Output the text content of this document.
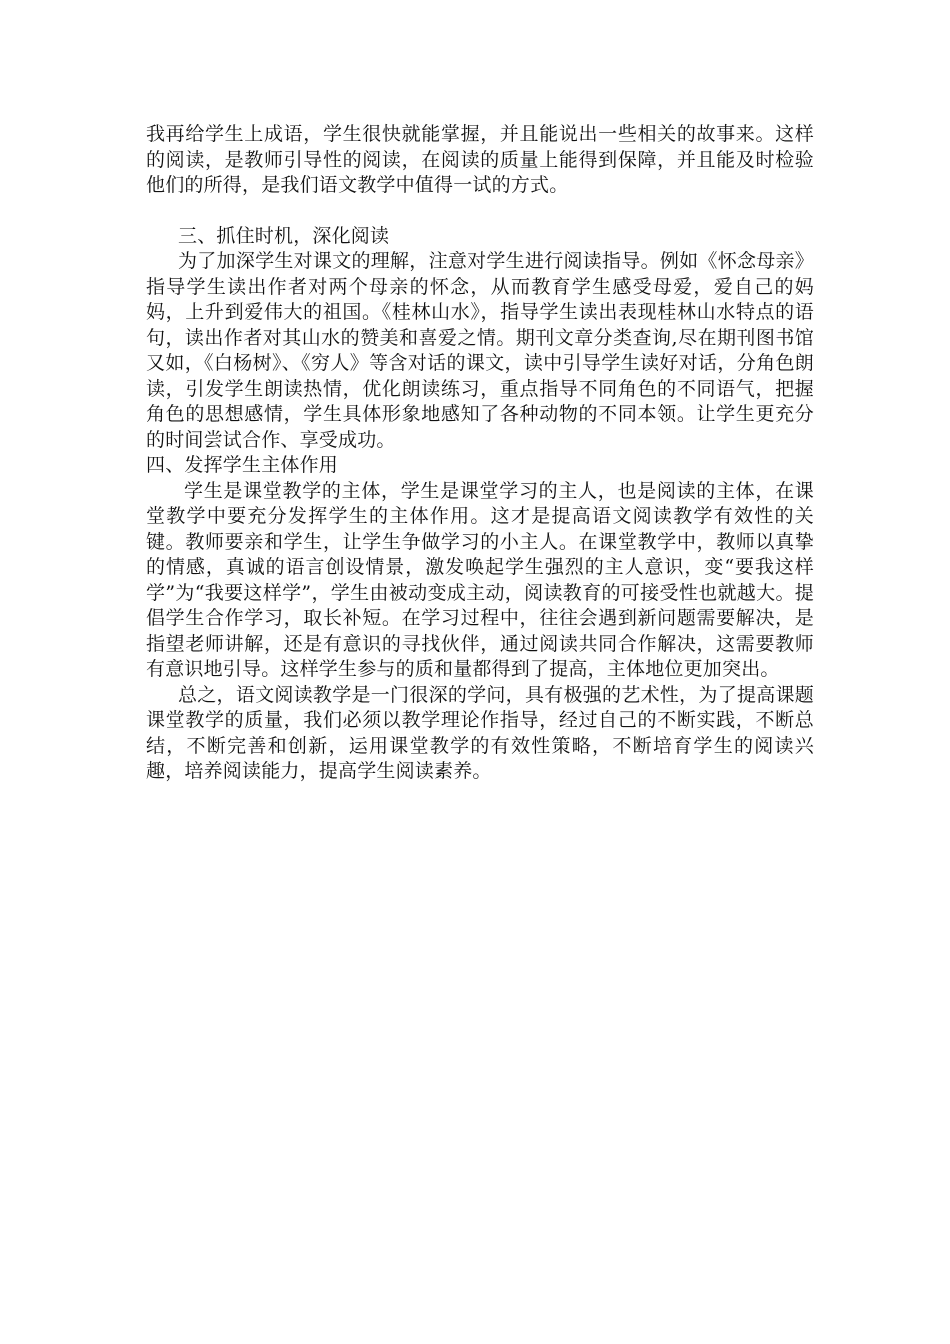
我再给学生上成语，学生很快就能掌握，并且能说出一些相关的故事来。这样的阅读，是教师引导性的阅读，在阅读的质量上能得到保障，并且能及时检验他们的所得，是我们语文教学中值得一试的方式。

三、抓住时机，深化阅读

为了加深学生对课文的理解，注意对学生进行阅读指导。例如《怀念母亲》指导学生读出作者对两个母亲的怀念，从而教育学生感受母爱，爱自己的妈妈，上升到爱伟大的祖国。《桂林山水》，指导学生读出表现桂林山水特点的语句，读出作者对其山水的赞美和喜爱之情。期刊文章分类查询,尽在期刊图书馆又如，《白杨树》、《穷人》等含对话的课文，读中引导学生读好对话，分角色朗读，引发学生朗读热情，优化朗读练习，重点指导不同角色的不同语气，把握角色的思想感情，学生具体形象地感知了各种动物的不同本领。让学生更充分的时间尝试合作、享受成功。

四、发挥学生主体作用

学生是课堂教学的主体，学生是课堂学习的主人，也是阅读的主体，在课堂教学中要充分发挥学生的主体作用。这才是提高语文阅读教学有效性的关键。教师要亲和学生，让学生争做学习的小主人。在课堂教学中，教师以真挚的情感，真诚的语言创设情景，激发唤起学生强烈的主人意识，变“要我这样学”为“我要这样学”，学生由被动变成主动，阅读教育的可接受性也就越大。提倡学生合作学习，取长补短。在学习过程中，往往会遇到新问题需要解决，是指望老师讲解，还是有意识的寻找伙伴，通过阅读共同合作解决，这需要教师有意识地引导。这样学生参与的质和量都得到了提高，主体地位更加突出。

总之，语文阅读教学是一门很深的学问，具有极强的艺术性，为了提高课题课堂教学的质量，我们必须以教学理论作指导，经过自己的不断实践，不断总结，不断完善和创新，运用课堂教学的有效性策略，不断培育学生的阅读兴趣，培养阅读能力，提高学生阅读素养。
